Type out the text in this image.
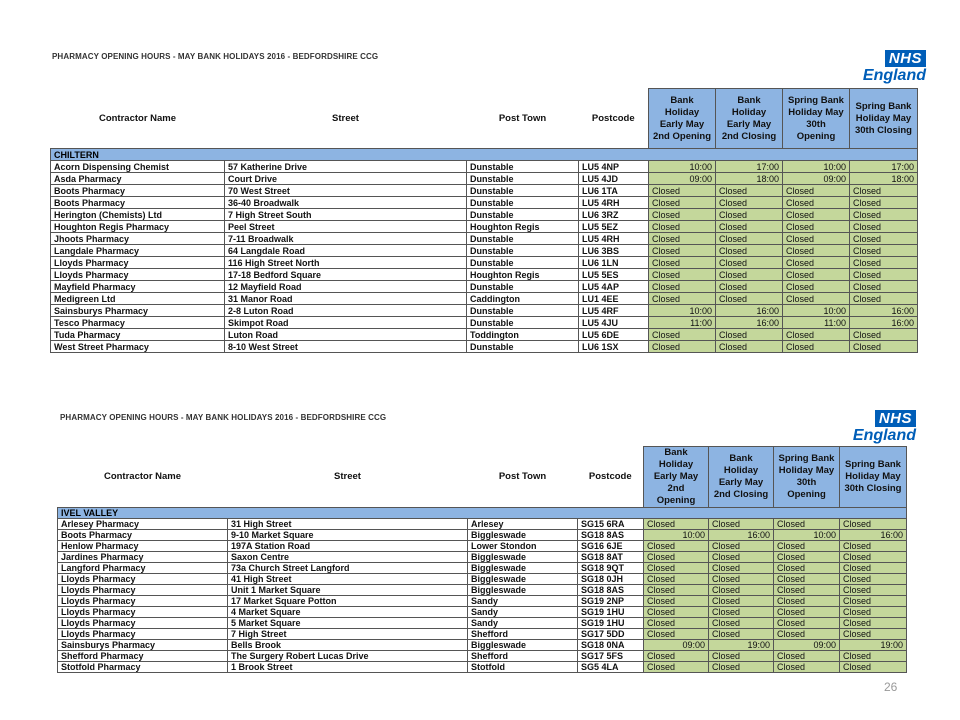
PHARMACY OPENING HOURS - MAY BANK HOLIDAYS 2016 - BEDFORDSHIRE CCG	NHS
England
Contractor Name	Street	Post Town	Postcode	Bank Holiday Early May 2nd Opening	Bank Holiday Early May 2nd Closing	Spring Bank Holiday May 30th Opening	Spring Bank Holiday May 30th Closing
CHILTERN							
Acorn Dispensing Chemist	57 Katherine Drive	Dunstable	LU5 4NP	10:00	17:00	10:00	17:00
Asda Pharmacy	Court Drive	Dunstable	LU5 4JD	09:00	18:00	09:00	18:00
Boots Pharmacy	70 West Street	Dunstable	LU6 1TA	Closed	Closed	Closed	Closed
Boots Pharmacy	36-40 Broadwalk	Dunstable	LU5 4RH	Closed	Closed	Closed	Closed
Herington (Chemists) Ltd	7 High Street South	Dunstable	LU6 3RZ	Closed	Closed	Closed	Closed
Houghton Regis Pharmacy	Peel Street	Houghton Regis	LU5 5EZ	Closed	Closed	Closed	Closed
Jhoots Pharmacy	7-11 Broadwalk	Dunstable	LU5 4RH	Closed	Closed	Closed	Closed
Langdale Pharmacy	64 Langdale Road	Dunstable	LU6 3BS	Closed	Closed	Closed	Closed
Lloyds Pharmacy	116 High Street North	Dunstable	LU6 1LN	Closed	Closed	Closed	Closed
Lloyds Pharmacy	17-18 Bedford Square	Houghton Regis	LU5 5ES	Closed	Closed	Closed	Closed
Mayfield Pharmacy	12 Mayfield Road	Dunstable	LU5 4AP	Closed	Closed	Closed	Closed
Medigreen Ltd	31 Manor Road	Caddington	LU1 4EE	Closed	Closed	Closed	Closed
Sainsburys Pharmacy	2-8 Luton Road	Dunstable	LU5 4RF	10:00	16:00	10:00	16:00
Tesco Pharmacy	Skimpot Road	Dunstable	LU5 4JU	11:00	16:00	11:00	16:00
Tuda Pharmacy	Luton Road	Toddington	LU5 6DE	Closed	Closed	Closed	Closed
West Street Pharmacy	8-10 West Street	Dunstable	LU6 1SX	Closed	Closed	Closed	Closed
PHARMACY OPENING HOURS - MAY BANK HOLIDAYS 2016 - BEDFORDSHIRE CCG	NHS
England
Contractor Name	Street	Post Town	Postcode	Bank Holiday Early May 2nd Opening	Bank Holiday Early May 2nd Closing	Spring Bank Holiday May 30th Opening	Spring Bank Holiday May 30th Closing
IVEL VALLEY							
Arlesey Pharmacy	31 High Street	Arlesey	SG15 6RA	Closed	Closed	Closed	Closed
Boots Pharmacy	9-10 Market Square	Biggleswade	SG18 8AS	10:00	16:00	10:00	16:00
Henlow Pharmacy	197A Station Road	Lower Stondon	SG16 6JE	Closed	Closed	Closed	Closed
Jardines Pharmacy	Saxon Centre	Biggleswade	SG18 8AT	Closed	Closed	Closed	Closed
Langford Pharmacy	73a Church Street Langford	Biggleswade	SG18 9QT	Closed	Closed	Closed	Closed
Lloyds Pharmacy	41 High Street	Biggleswade	SG18 0JH	Closed	Closed	Closed	Closed
Lloyds Pharmacy	Unit 1 Market Square	Biggleswade	SG18 8AS	Closed	Closed	Closed	Closed
Lloyds Pharmacy	17 Market Square Potton	Sandy	SG19 2NP	Closed	Closed	Closed	Closed
Lloyds Pharmacy	4 Market Square	Sandy	SG19 1HU	Closed	Closed	Closed	Closed
Lloyds Pharmacy	5 Market Square	Sandy	SG19 1HU	Closed	Closed	Closed	Closed
Lloyds Pharmacy	7 High Street	Shefford	SG17 5DD	Closed	Closed	Closed	Closed
Sainsburys Pharmacy	Bells Brook	Biggleswade	SG18 0NA	09:00	19:00	09:00	19:00
Shefford Pharmacy	The Surgery Robert Lucas Drive	Shefford	SG17 5FS	Closed	Closed	Closed	Closed
Stotfold Pharmacy	1 Brook Street	Stotfold	SG5 4LA	Closed	Closed	Closed	Closed
26
